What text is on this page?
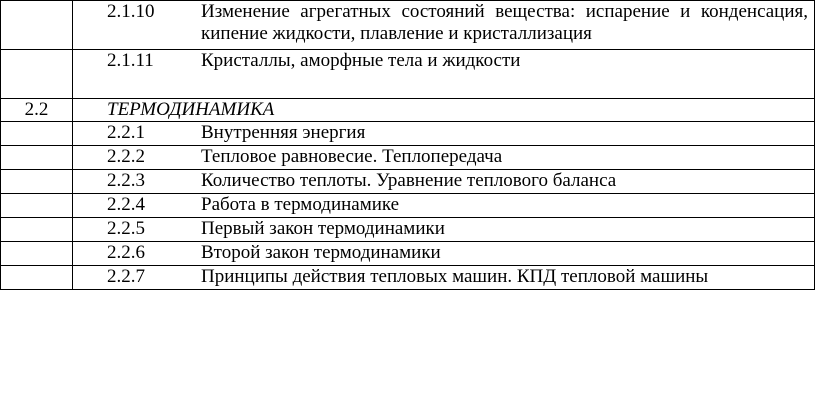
	2.1.10 Изменение агрегатных состояний вещества: испарение и конденсация, кипение жидкости, плавление и кристаллизация

	2.1.11 Кристаллы, аморфные тела и жидкости

2.2	ТЕРМОДИНАМИКА

	2.2.1 Внутренняя энергия

	2.2.2 Тепловое равновесие. Теплопередача

	2.2.3 Количество теплоты. Уравнение теплового баланса

	2.2.4 Работа в термодинамике

	2.2.5 Первый закон термодинамики

	2.2.6 Второй закон термодинамики

	2.2.7 Принципы действия тепловых машин. КПД тепловой машины
